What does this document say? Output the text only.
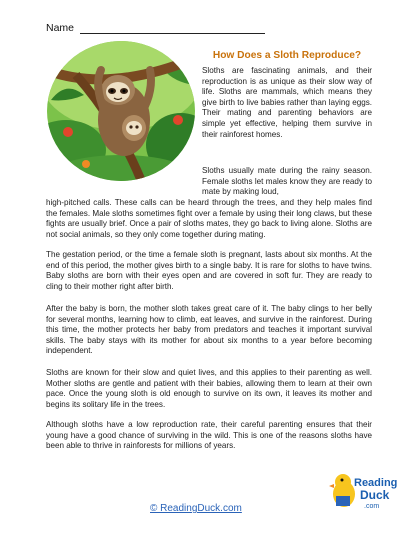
Name
How Does a Sloth Reproduce?

Sloths are fascinating animals, and their reproduction is as unique as their slow way of life. Sloths are mammals, which means they give birth to live babies rather than laying eggs. Their mating and parenting behaviors are simple yet effective, helping them survive in their rainforest homes.

Sloths usually mate during the rainy season. Female sloths let males know they are ready to mate by making loud,

high-pitched calls. These calls can be heard through the trees, and they help males find the females. Male sloths sometimes fight over a female by using their long claws, but these fights are usually brief. Once a pair of sloths mates, they go back to living alone. Sloths are not social animals, so they only come together during mating.

The gestation period, or the time a female sloth is pregnant, lasts about six months. At the end of this period, the mother gives birth to a single baby. It is rare for sloths to have twins. Baby sloths are born with their eyes open and are covered in soft fur. They are ready to cling to their mother right after birth.

After the baby is born, the mother sloth takes great care of it. The baby clings to her belly for several months, learning how to climb, eat leaves, and survive in the rainforest. During this time, the mother protects her baby from predators and teaches it important survival skills. The baby stays with its mother for about six months to a year before becoming independent.

Sloths are known for their slow and quiet lives, and this applies to their parenting as well. Mother sloths are gentle and patient with their babies, allowing them to learn at their own pace. Once the young sloth is old enough to survive on its own, it leaves its mother and begins its solitary life in the trees.

Although sloths have a low reproduction rate, their careful parenting ensures that their young have a good chance of surviving in the wild. This is one of the reasons sloths have been able to thrive in rainforests for millions of years.

© ReadingDuck.com
Reading
Duck
.com
